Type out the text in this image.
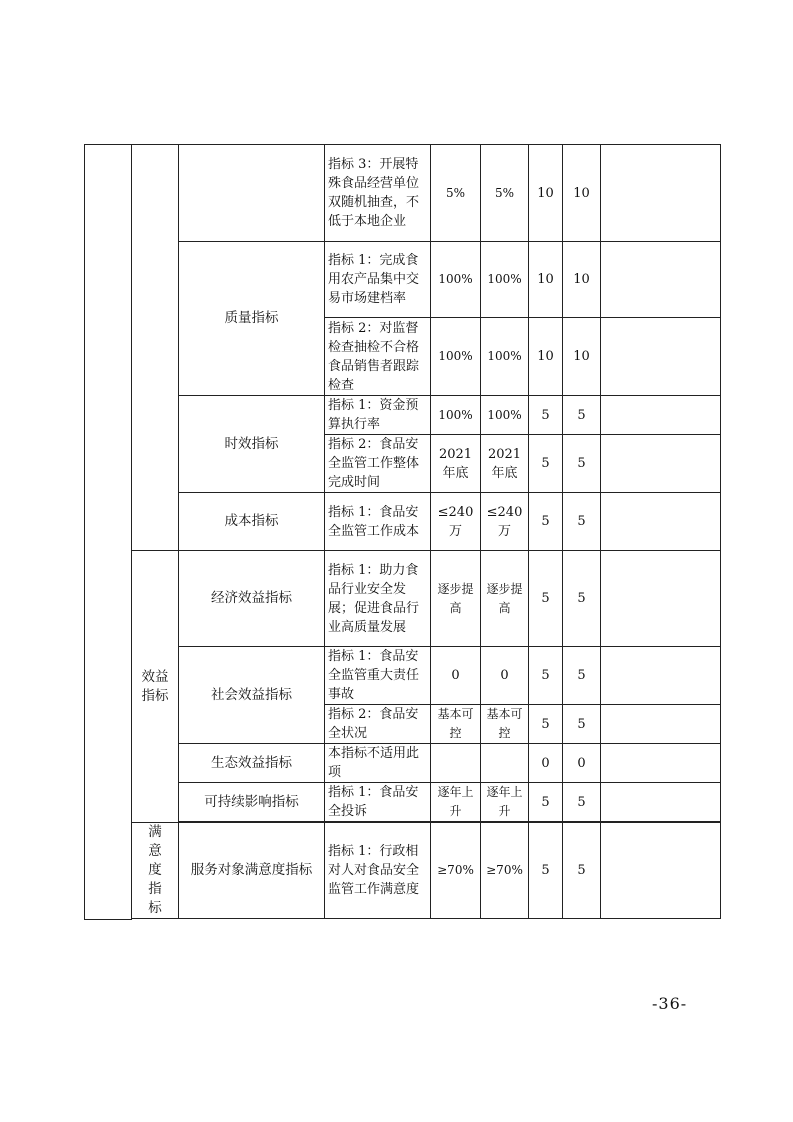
			指标 3：开展特殊食品经营单位双随机抽查，不低于本地企业	5%	5%	10	10	
		质量指标	指标 1：完成食用农产品集中交易市场建档率	100%	100%	10	10	
			指标 2：对监督检查抽检不合格食品销售者跟踪检查	100%	100%	10	10	
		时效指标	指标 1：资金预算执行率	100%	100%	5	5	
			指标 2：食品安全监管工作整体完成时间	2021年底	2021年底	5	5	
		成本指标	指标 1：食品安全监管工作成本	≤240万	≤240万	5	5	
	效益指标	经济效益指标	指标 1：助力食品行业安全发展；促进食品行业高质量发展	逐步提高	逐步提高	5	5	
		社会效益指标	指标 1：食品安全监管重大责任事故	0	0	5	5	
			指标 2：食品安全状况	基本可控	基本可控	5	5	
		生态效益指标	本指标不适用此项			0	0	
		可持续影响指标	指标 1：食品安全投诉	逐年上升	逐年上升	5	5	

	满意度指标	服务对象满意度指标	指标 1：行政相对人对食品安全监管工作满意度	≥70%	≥70%	5	5	

-36-
